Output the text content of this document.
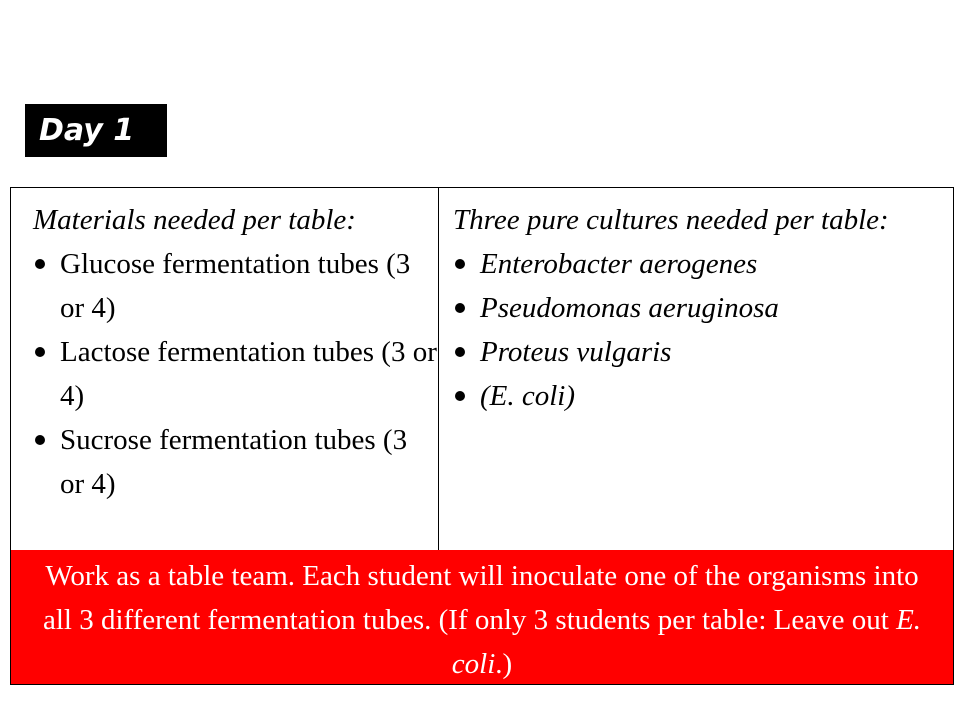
Day 1
Materials needed per table:
Glucose fermentation tubes (3 or 4)
Lactose fermentation tubes (3 or 4)
Sucrose fermentation tubes (3 or 4)
Three pure cultures needed per table:
Enterobacter aerogenes
Pseudomonas aeruginosa
Proteus vulgaris
(E. coli)
Work as a table team. Each student will inoculate one of the organisms into all 3 different fermentation tubes. (If only 3 students per table: Leave out E. coli.)
